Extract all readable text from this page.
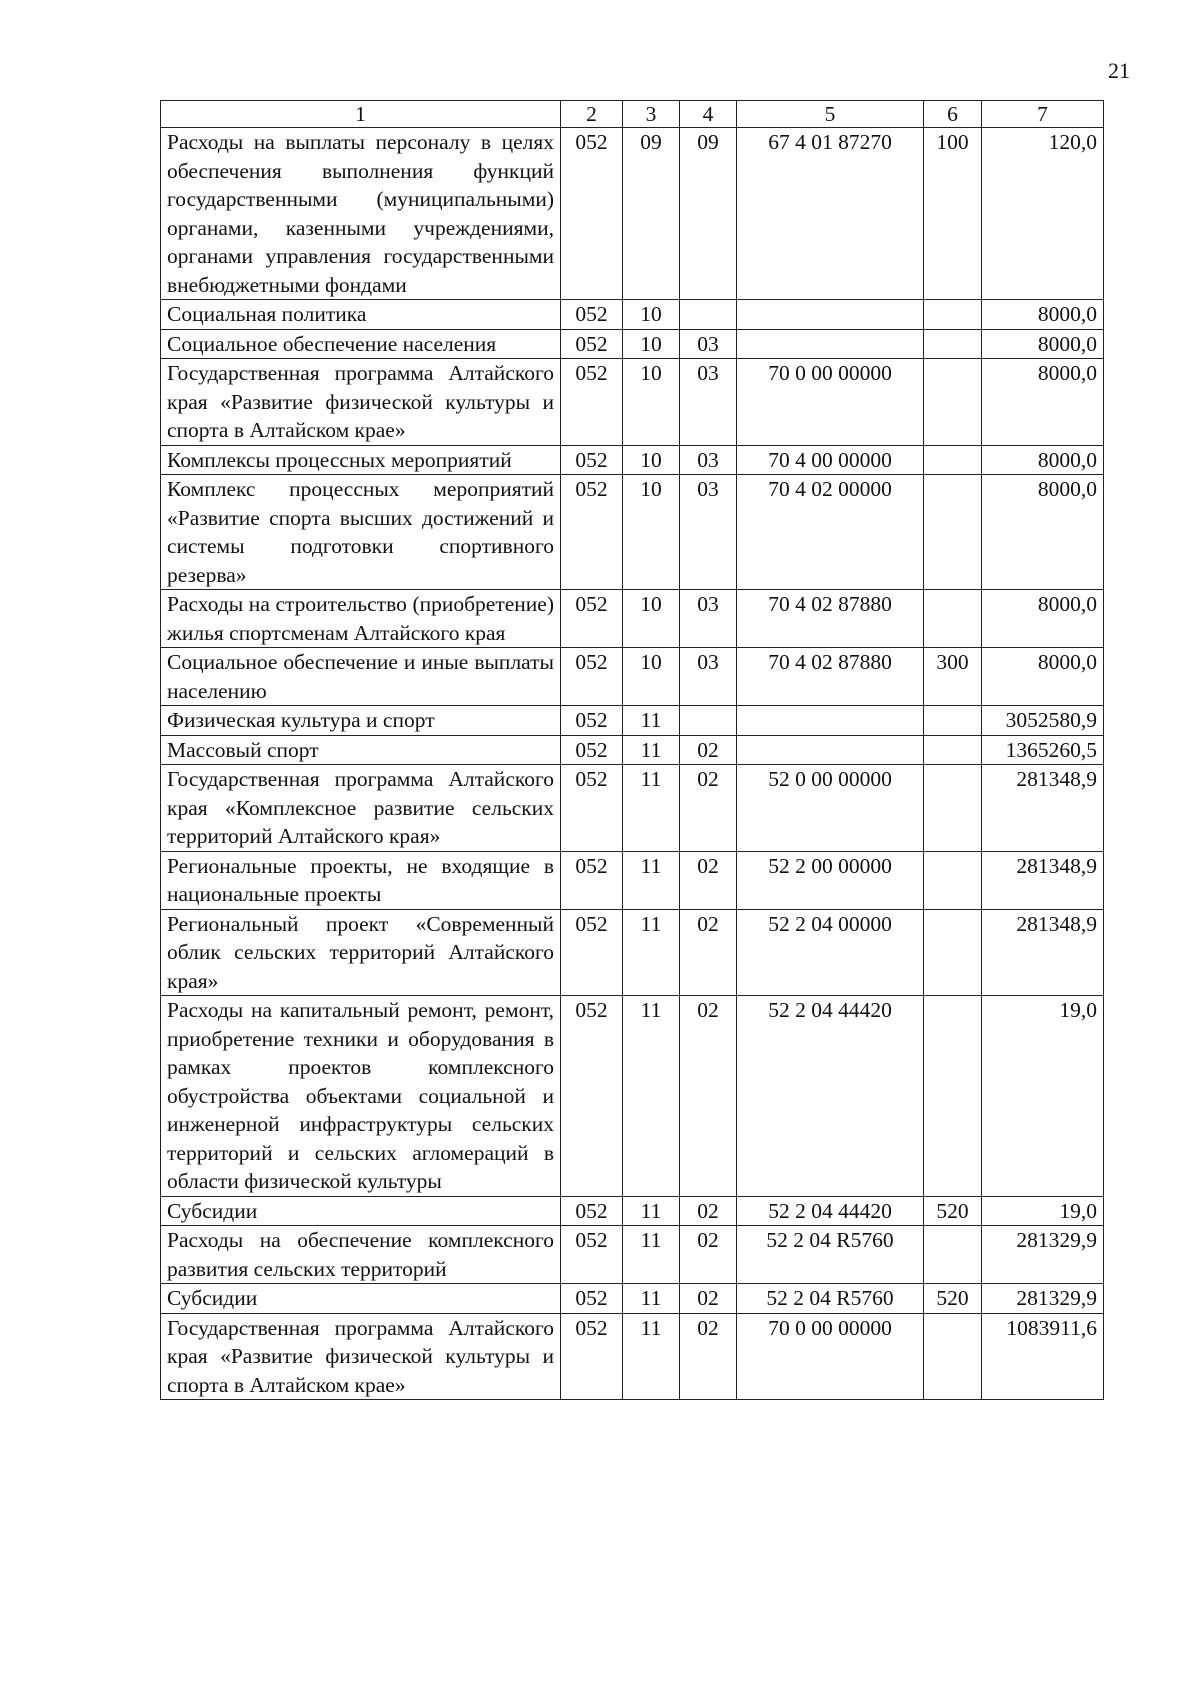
21
1	2	3	4	5	6	7
Расходы на выплаты персоналу в целях обеспечения выполнения функций государственными (муниципальными) органами, казенными учреждениями, органами управления государственными внебюджетными фондами	052	09	09	67 4 01 87270	100	120,0
Социальная политика	052	10				8000,0
Социальное обеспечение населения	052	10	03			8000,0
Государственная программа Алтайского края «Развитие физической культуры и спорта в Алтайском крае»	052	10	03	70 0 00 00000		8000,0
Комплексы процессных мероприятий	052	10	03	70 4 00 00000		8000,0
Комплекс процессных мероприятий «Развитие спорта высших достижений и системы подготовки спортивного резерва»	052	10	03	70 4 02 00000		8000,0
Расходы на строительство (приобретение) жилья спортсменам Алтайского края	052	10	03	70 4 02 87880		8000,0
Социальное обеспечение и иные выплаты населению	052	10	03	70 4 02 87880	300	8000,0
Физическая культура и спорт	052	11				3052580,9
Массовый спорт	052	11	02			1365260,5
Государственная программа Алтайского края «Комплексное развитие сельских территорий Алтайского края»	052	11	02	52 0 00 00000		281348,9
Региональные проекты, не входящие в национальные проекты	052	11	02	52 2 00 00000		281348,9
Региональный проект «Современный облик сельских территорий Алтайского края»	052	11	02	52 2 04 00000		281348,9
Расходы на капитальный ремонт, ремонт, приобретение техники и оборудования в рамках проектов комплексного обустройства объектами социальной и инженерной инфраструктуры сельских территорий и сельских агломераций в области физической культуры	052	11	02	52 2 04 44420		19,0
Субсидии	052	11	02	52 2 04 44420	520	19,0
Расходы на обеспечение комплексного развития сельских территорий	052	11	02	52 2 04 R5760		281329,9
Субсидии	052	11	02	52 2 04 R5760	520	281329,9
Государственная программа Алтайского края «Развитие физической культуры и спорта в Алтайском крае»	052	11	02	70 0 00 00000		1083911,6
